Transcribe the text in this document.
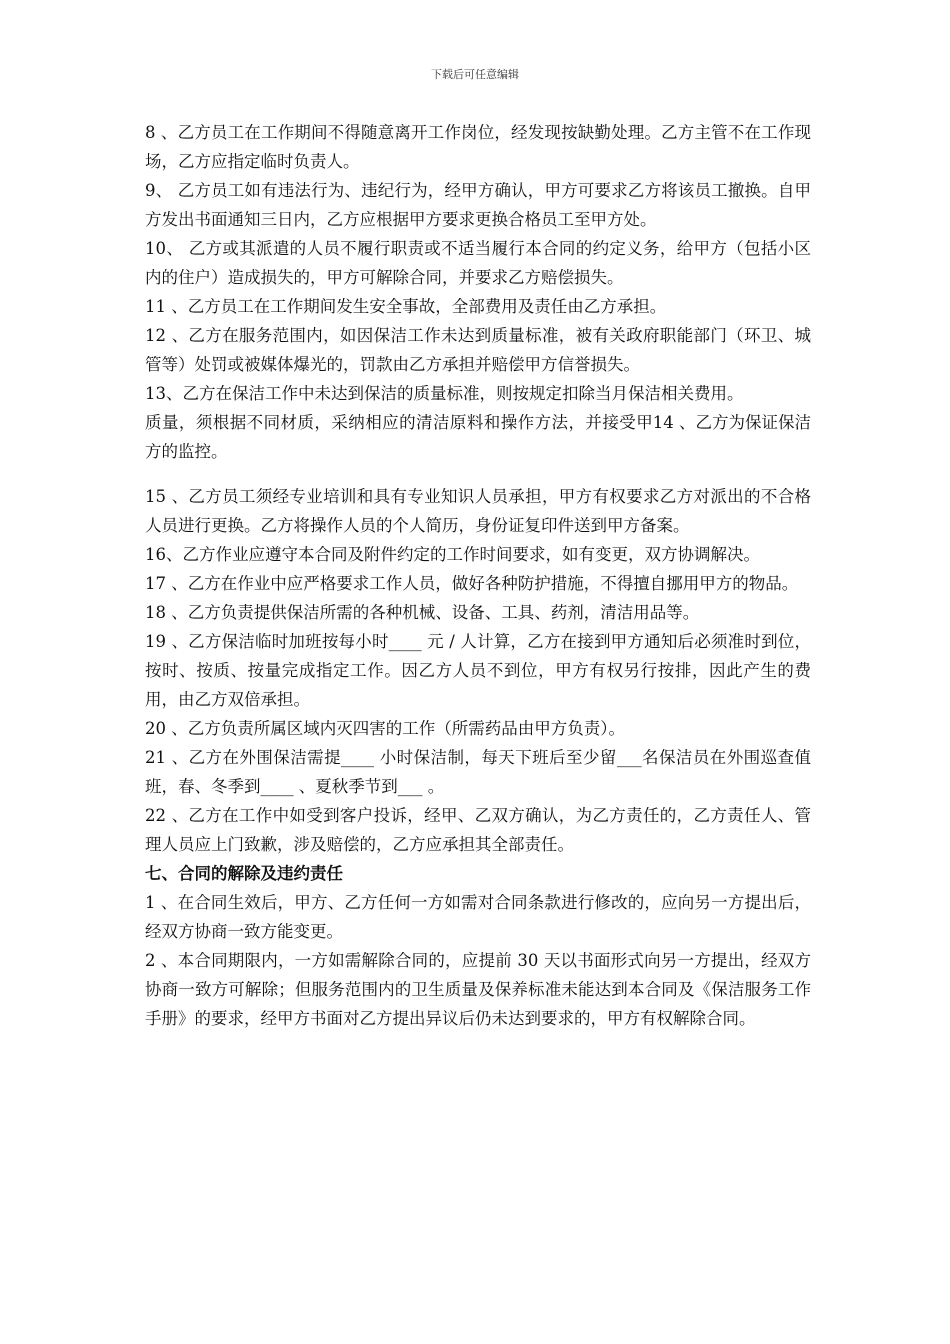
下载后可任意编辑

8 、乙方员工在工作期间不得随意离开工作岗位，经发现按缺勤处理。乙方主管不在工作现场，乙方应指定临时负责人。

9、 乙方员工如有违法行为、违纪行为，经甲方确认，甲方可要求乙方将该员工撤换。自甲方发出书面通知三日内，乙方应根据甲方要求更换合格员工至甲方处。

10、 乙方或其派遣的人员不履行职责或不适当履行本合同的约定义务，给甲方（包括小区内的住户）造成损失的，甲方可解除合同，并要求乙方赔偿损失。

11 、乙方员工在工作期间发生安全事故，全部费用及责任由乙方承担。

12 、乙方在服务范围内，如因保洁工作未达到质量标准，被有关政府职能部门（环卫、城管等）处罚或被媒体爆光的，罚款由乙方承担并赔偿甲方信誉损失。

13、乙方在保洁工作中未达到保洁的质量标准，则按规定扣除当月保洁相关费用。
14 、乙方为保证保洁

质量，须根据不同材质，采纳相应的清洁原料和操作方法，并接受甲方的监控。

15 、乙方员工须经专业培训和具有专业知识人员承担，甲方有权要求乙方对派出的不合格人员进行更换。乙方将操作人员的个人简历，身份证复印件送到甲方备案。

16、乙方作业应遵守本合同及附件约定的工作时间要求，如有变更，双方协调解决。

17 、乙方在作业中应严格要求工作人员，做好各种防护措施，不得擅自挪用甲方的物品。

18 、乙方负责提供保洁所需的各种机械、设备、工具、药剂，清洁用品等。

19 、乙方保洁临时加班按每小时____ 元 / 人计算，乙方在接到甲方通知后必须准时到位，按时、按质、按量完成指定工作。因乙方人员不到位，甲方有权另行按排，因此产生的费用，由乙方双倍承担。

20 、乙方负责所属区域内灭四害的工作（所需药品由甲方负责）。

21 、乙方在外围保洁需提____ 小时保洁制，每天下班后至少留___名保洁员在外围巡查值班，春、冬季到____ 、夏秋季节到___ 。

22 、乙方在工作中如受到客户投诉，经甲、乙双方确认，为乙方责任的，乙方责任人、管理人员应上门致歉，涉及赔偿的，乙方应承担其全部责任。

七、合同的解除及违约责任

1 、在合同生效后，甲方、乙方任何一方如需对合同条款进行修改的，应向另一方提出后，经双方协商一致方能变更。

2 、本合同期限内，一方如需解除合同的，应提前 30 天以书面形式向另一方提出，经双方协商一致方可解除；但服务范围内的卫生质量及保养标准未能达到本合同及《保洁服务工作手册》的要求，经甲方书面对乙方提出异议后仍未达到要求的，甲方有权解除合同。
